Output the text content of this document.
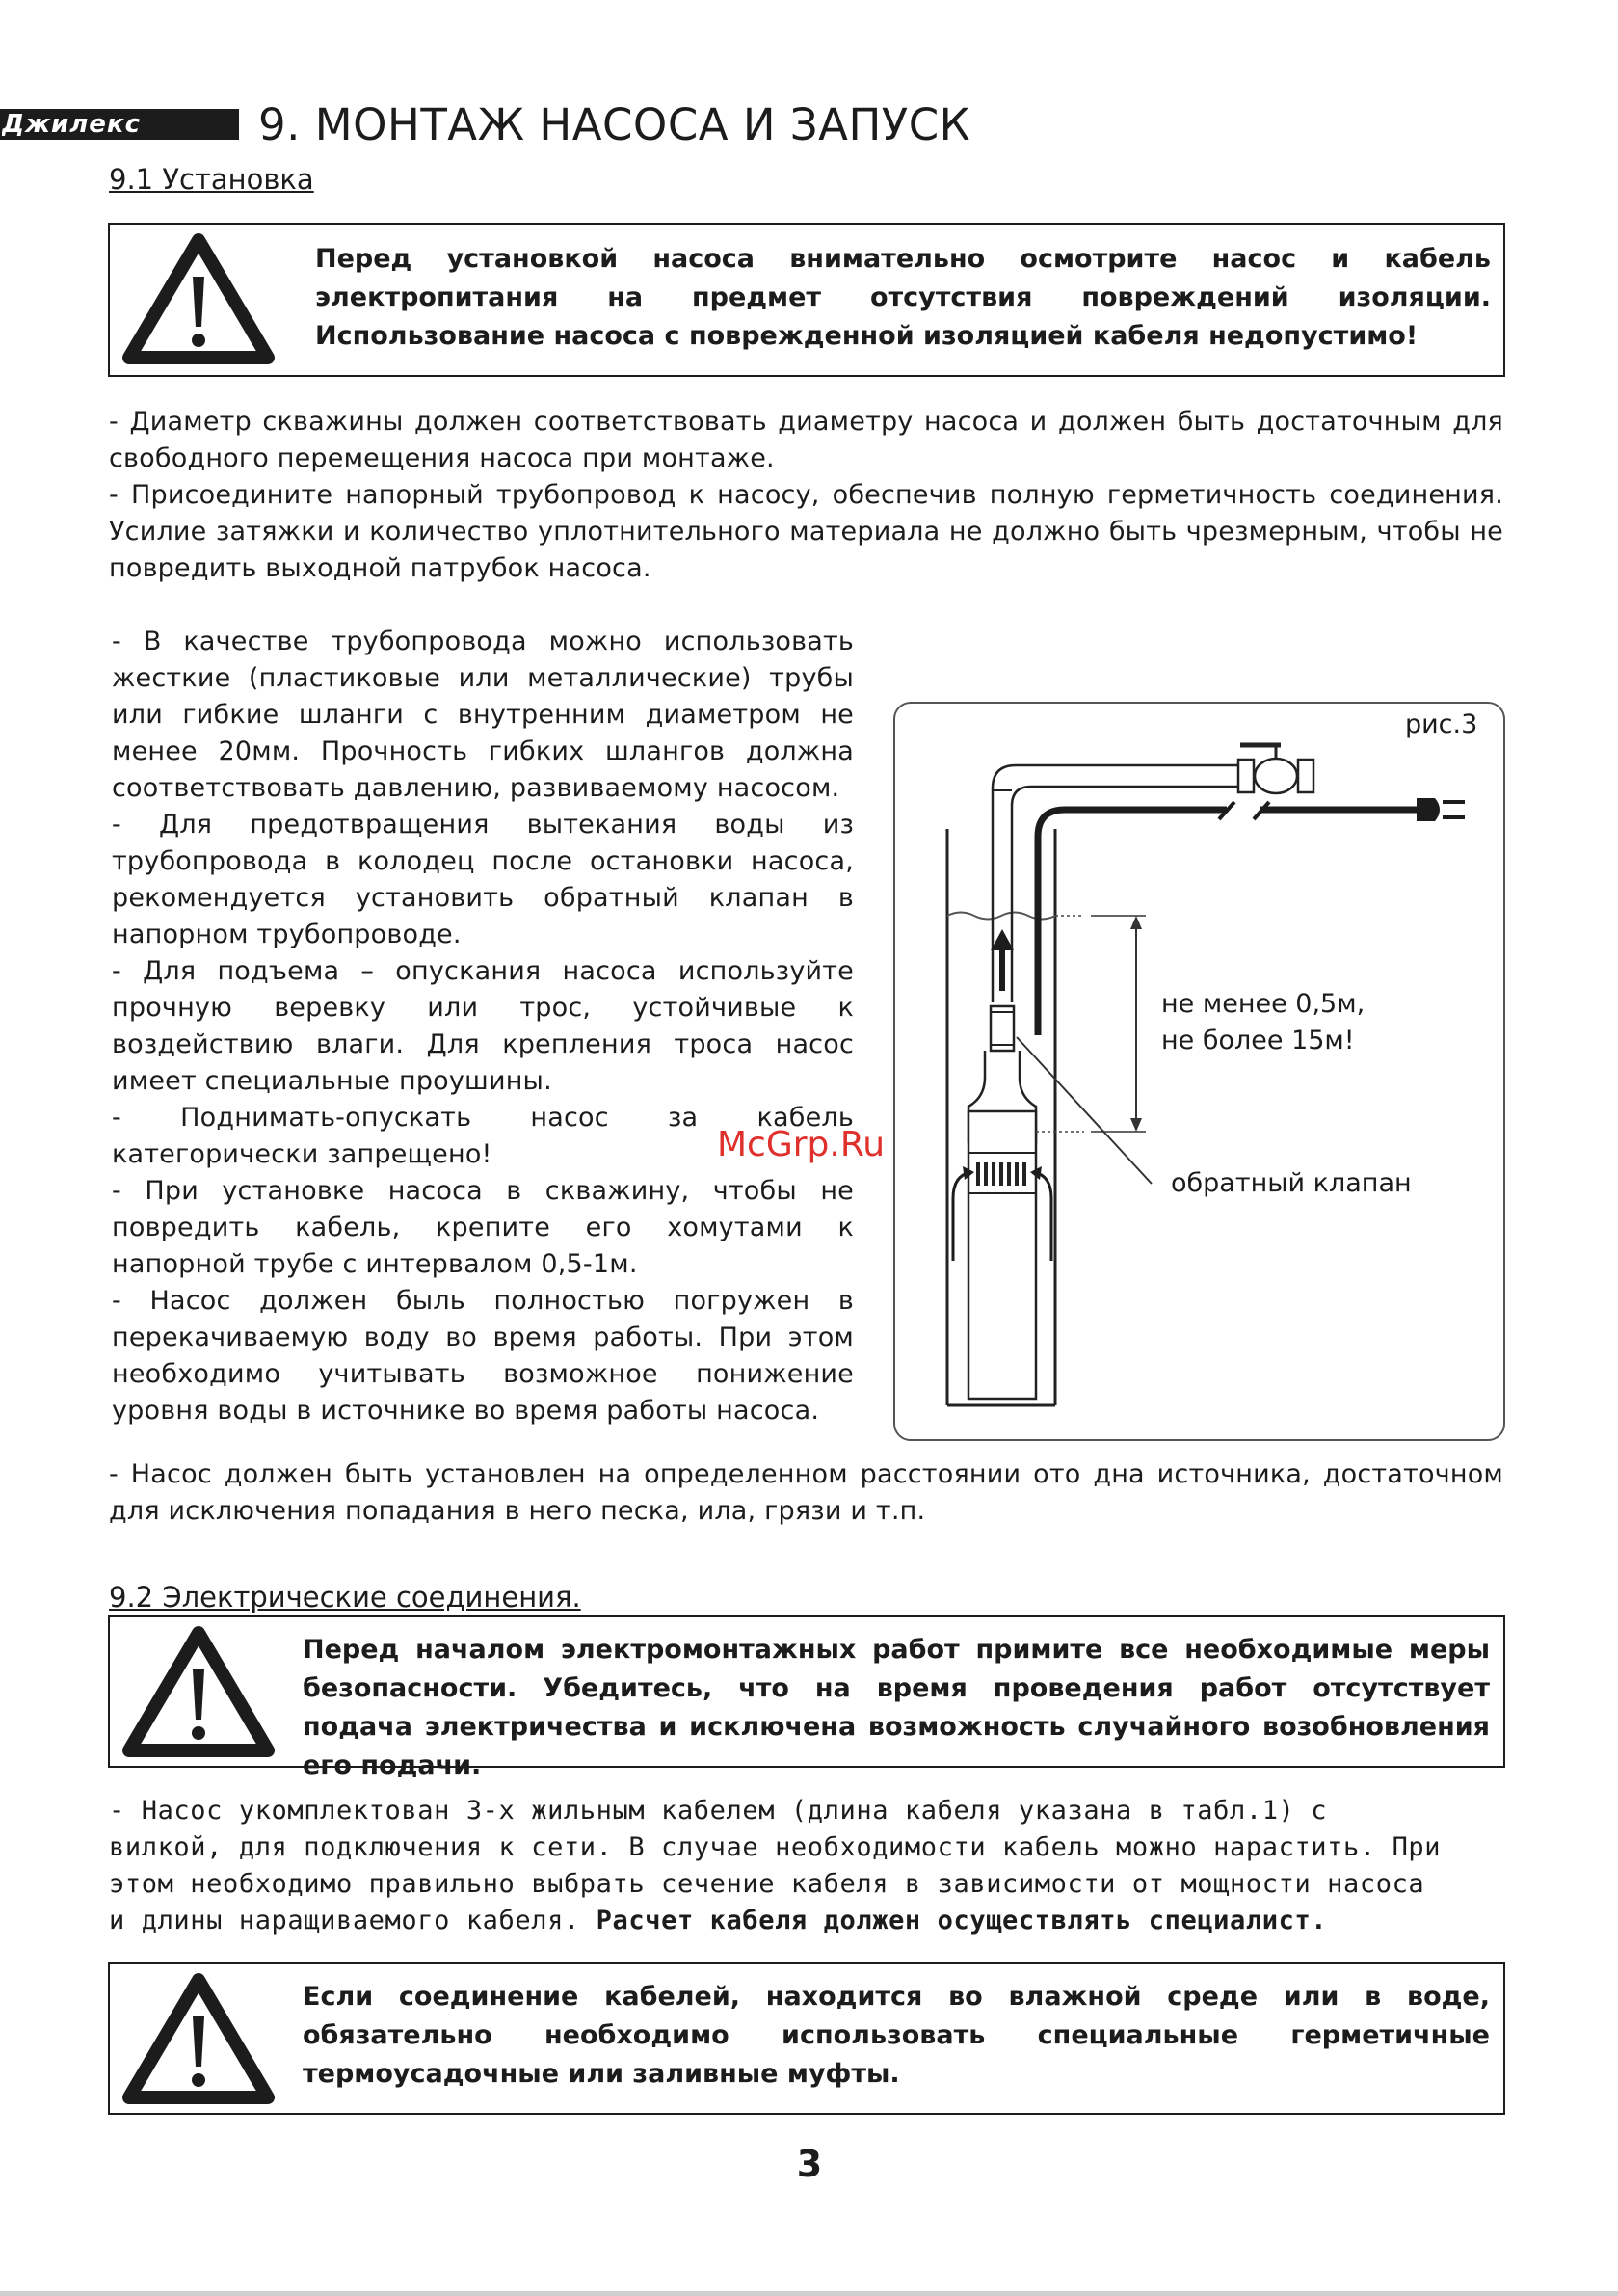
Джилекс	9. МОНТАЖ НАСОСА И ЗАПУСК
9.1 Установка
Перед установкой насоса внимательно осмотрите насос и кабель электропитания на предмет отсутствия повреждений изоляции. Использование насоса с поврежденной изоляцией кабеля недопустимо!

- Диаметр скважины должен соответствовать диаметру насоса и должен быть достаточным для свободного перемещения насоса при монтаже.

- Присоедините напорный трубопровод к насосу, обеспечив полную герметичность соединения. Усилие затяжки и количество уплотнительного материала не должно быть чрезмерным, чтобы не повредить выходной патрубок насоса.

- В качестве трубопровода можно использовать жесткие (пластиковые или металлические) трубы или гибкие шланги с внутренним диаметром не менее 20мм. Прочность гибких шлангов должна соответствовать давлению, развиваемому насосом.

- Для предотвращения вытекания воды из трубопровода в колодец после остановки насоса, рекомендуется установить обратный клапан в напорном трубопроводе.

- Для подъема – опускания насоса используйте прочную веревку или трос, устойчивые к воздействию влаги. Для крепления троса насос имеет специальные проушины.

- Поднимать-опускать насос за кабель категорически запрещено!

- При установке насоса в скважину, чтобы не повредить кабель, крепите его хомутами к напорной трубе с интервалом 0,5-1м.

- Насос должен быль полностью погружен в перекачиваемую воду во время работы. При этом необходимо учитывать возможное понижение уровня воды в источнике во время работы насоса.

рис.3
не менее 0,5м,
не более 15м!
обратный клапан
McGrp.Ru

- Насос должен быть установлен на определенном расстоянии ото дна источника, достаточном для исключения попадания в него песка, ила, грязи и т.п.

9.2 Электрические соединения.
Перед началом электромонтажных работ примите все необходимые меры безопасности. Убедитесь, что на время проведения работ отсутствует подача электричества и исключена возможность случайного возобновления его подачи.

- Насос укомплектован 3-х жильным кабелем (длина кабеля указана в табл.1) с

вилкой, для подключения к сети. В случае необходимости кабель можно нарастить. При

этом необходимо правильно выбрать сечение кабеля в зависимости от мощности насоса

и длины наращиваемого кабеля. Расчет кабеля должен осуществлять специалист.

Если соединение кабелей, находится во влажной среде или в воде, обязательно необходимо использовать специальные герметичные термоусадочные или заливные муфты.
3
